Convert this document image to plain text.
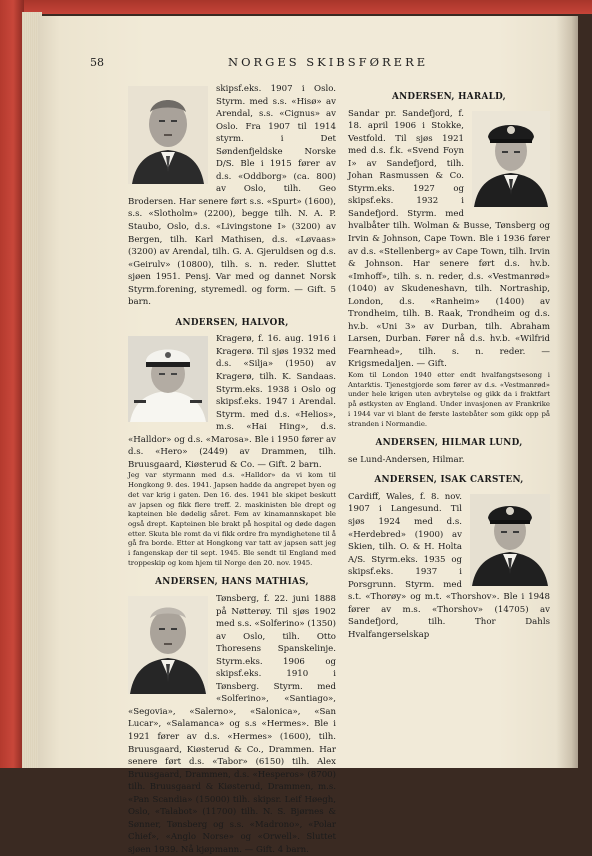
58	NORGES SKIBSFØRERE

skipsf.eks. 1907 i Oslo. Styrm. med s.s. «Hisø» av Arendal, s.s. «Cignus» av Oslo. Fra 1907 til 1914 styrm. i Det Søndenfjeldske Norske D/S. Ble i 1915 fører av d.s. «Oddborg» (ca. 800) av Oslo, tilh. Geo Brodersen. Har senere ført s.s. «Spurt» (1600), s.s. «Slotholm» (2200), begge tilh. N. A. P. Staubo, Oslo, d.s. «Livingstone I» (3200) av Bergen, tilh. Karl Mathisen, d.s. «Løvaas» (3200) av Arendal, tilh. G. A. Gjeruldsen og d.s. «Geirulv» (10800), tilh. s. n. reder. Sluttet sjøen 1951. Pensj. Var med og dannet Norsk Styrm.forening, styremedl. og form. — Gift. 5 barn.

ANDERSEN, HALVOR,

Kragerø, f. 16. aug. 1916 i Kragerø. Til sjøs 1932 med d.s. «Silja» (1950) av Kragerø, tilh. K. Sandaas. Styrm.eks. 1938 i Oslo og skipsf.eks. 1947 i Arendal. Styrm. med d.s. «Helios», m.s. «Hai Hing», d.s. «Halldor» og d.s. «Marosa». Ble i 1950 fører av d.s. «Hero» (2449) av Drammen, tilh. Bruusgaard, Kiøsterud & Co. — Gift. 2 barn.

Jeg var styrmann med d.s. «Halldor» da vi kom til Hongkong 9. des. 1941. Japsen hadde da angrepet byen og det var krig i gaten. Den 16. des. 1941 ble skipet beskutt av japsen og fikk flere treff. 2. maskinisten ble drept og kapteinen ble dødelig såret. Fem av kinamannskapet ble også drept. Kapteinen ble brakt på hospital og døde dagen etter. Skuta ble romt da vi fikk ordre fra myndighetene til å gå fra borde. Etter at Hongkong var tatt av japsen satt jeg i fangenskap der til sept. 1945. Ble sendt til England med troppeskip og kom hjem til Norge den 20. nov. 1945.

ANDERSEN, HANS MATHIAS,

Tønsberg, f. 22. juni 1888 på Nøtterøy. Til sjøs 1902 med s.s. «Solferino» (1350) av Oslo, tilh. Otto Thoresens Spanskelinje. Styrm.eks. 1906 og skipsf.eks. 1910 i Tønsberg. Styrm. med «Solferino», «Santiago», «Segovia», «Salerno», «Salonica», «San Lucar», «Salamanca» og s.s «Hermes». Ble i 1921 fører av d.s. «Hermes» (1600), tilh. Bruusgaard, Kiøsterud & Co., Drammen. Har senere ført d.s. «Tabor» (6150) tilh. Alex Bruusgaard, Drammen, d.s. «Hesperos» (8700) tilh. Bruusgaard & Kiøsterud, Drammen, m.s. «Pan Scandia» (15000) tilh. skipsr. Leif Høegh, Oslo, «Talabot» (11700) tilh. N. S. Bjørnes & Sønner, Tønsberg og s.s. «Madrono», «Polar Chief», «Anglo Norse» og «Orwell». Sluttet sjøen 1939. Nå kjøpmann. — Gift. 4 barn.

ANDERSEN, HARALD,

Sandar pr. Sandefjord, f. 18. april 1906 i Stokke, Vestfold. Til sjøs 1921 med d.s. f.k. «Svend Foyn I» av Sandefjord, tilh. Johan Rasmussen & Co. Styrm.eks. 1927 og skipsf.eks. 1932 i Sandefjord. Styrm. med hvalbåter tilh. Wolman & Busse, Tønsberg og Irvin & Johnson, Cape Town. Ble i 1936 fører av d.s. «Stellenberg» av Cape Town, tilh. Irvin & Johnson. Har senere ført d.s. hv.b. «Imhoff», tilh. s. n. reder, d.s. «Vestmanrød» (1040) av Skudeneshavn, tilh. Nortraship, London, d.s. «Ranheim» (1400) av Trondheim, tilh. B. Raak, Trondheim og d.s. hv.b. «Uni 3» av Durban, tilh. Abraham Larsen, Durban. Fører nå d.s. hv.b. «Wilfrid Fearnhead», tilh. s. n. reder. — Krigsmedaljen. — Gift.

Kom til London 1940 etter endt hvalfangstsesong i Antarktis. Tjenestgjorde som fører av d.s. «Vestmanrød» under hele krigen uten avbrytelse og gikk da i fraktfart på østkysten av England. Under invasjonen av Frankrike i 1944 var vi blant de første lastebåter som gikk opp på stranden i Normandie.

ANDERSEN, HILMAR LUND,

se Lund-Andersen, Hilmar.

ANDERSEN, ISAK CARSTEN,

Cardiff, Wales, f. 8. nov. 1907 i Langesund. Til sjøs 1924 med d.s. «Herdebred» (1900) av Skien, tilh. O. & H. Holta A/S. Styrm.eks. 1935 og skipsf.eks. 1937 i Porsgrunn. Styrm. med s.t. «Thorøy» og m.t. «Thorshov». Ble i 1948 fører av m.s. «Thorshov» (14705) av Sandefjord, tilh. Thor Dahls Hvalfangerselskap
